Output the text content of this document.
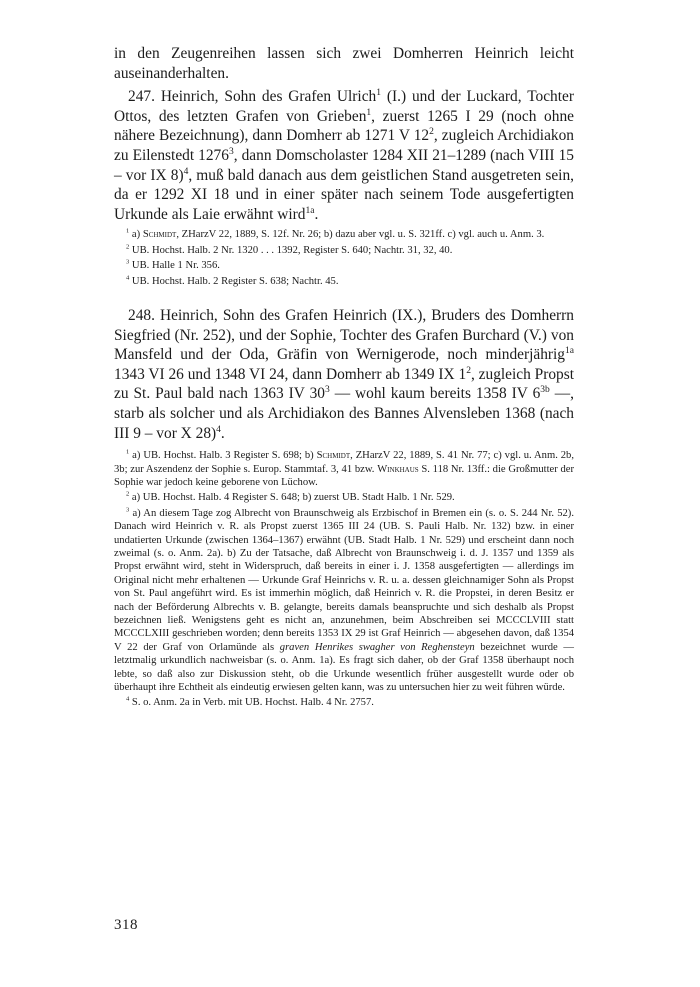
in den Zeugenreihen lassen sich zwei Domherren Heinrich leicht auseinanderhalten.

247. Heinrich, Sohn des Grafen Ulrich$^1$ (I.) und der Luckard, Tochter Ottos, des letzten Grafen von Grieben$^1$, zuerst 1265 I 29 (noch ohne nähere Bezeichnung), dann Domherr ab 1271 V $12^2$, zugleich Archidiakon zu Eilenstedt 1276$^3$, dann Domscholaster 1284 XII 21–1289 (nach VIII 15 – vor IX 8)$^4$, muß bald danach aus dem geistlichen Stand ausgetreten sein, da er 1292 XI 18 und in einer später nach seinem Tode ausgefertigten Urkunde als Laie erwähnt wird$^{1a}$.

$^1$ a) Schmidt, ZHarzV 22, 1889, S. 12f. Nr. 26; b) dazu aber vgl. u. S. 321ff. c) vgl. auch u. Anm. 3.

$^2$ UB. Hochst. Halb. 2 Nr. 1320 . . . 1392, Register S. 640; Nachtr. 31, 32, 40.

$^3$ UB. Halle 1 Nr. 356.

$^4$ UB. Hochst. Halb. 2 Register S. 638; Nachtr. 45.

248. Heinrich, Sohn des Grafen Heinrich (IX.), Bruders des Domherrn Siegfried (Nr. 252), und der Sophie, Tochter des Grafen Burchard (V.) von Mansfeld und der Oda, Gräfin von Wernigerode, noch minderjährig$^{1a}$ 1343 VI 26 und 1348 VI 24, dann Domherr ab 1349 IX $1^2$, zugleich Propst zu St. Paul bald nach 1363 IV $30^3$ — wohl kaum bereits 1358 IV $6^{3b}$ —, starb als solcher und als Archidiakon des Bannes Alvensleben 1368 (nach III 9 – vor X 28)$^4$.

$^1$ a) UB. Hochst. Halb. 3 Register S. 698; b) Schmidt, ZHarzV 22, 1889, S. 41 Nr. 77; c) vgl. u. Anm. 2b, 3b; zur Aszendenz der Sophie s. Europ. Stammtaf. 3, 41 bzw. Winkhaus S. 118 Nr. 13ff.: die Großmutter der Sophie war jedoch keine geborene von Lüchow.

$^2$ a) UB. Hochst. Halb. 4 Register S. 648; b) zuerst UB. Stadt Halb. 1 Nr. 529.

$^3$ a) An diesem Tage zog Albrecht von Braunschweig als Erzbischof in Bremen ein (s. o. S. 244 Nr. 52). Danach wird Heinrich v. R. als Propst zuerst 1365 III 24 (UB. S. Pauli Halb. Nr. 132) bzw. in einer undatierten Urkunde (zwischen 1364–1367) erwähnt (UB. Stadt Halb. 1 Nr. 529) und erscheint dann noch zweimal (s. o. Anm. 2a). b) Zu der Tatsache, daß Albrecht von Braunschweig i. d. J. 1357 und 1359 als Propst erwähnt wird, steht in Widerspruch, daß bereits in einer i. J. 1358 ausgefertigten — allerdings im Original nicht mehr erhaltenen — Urkunde Graf Heinrichs v. R. u. a. dessen gleichnamiger Sohn als Propst von St. Paul angeführt wird. Es ist immerhin möglich, daß Heinrich v. R. die Propstei, in deren Besitz er nach der Beförderung Albrechts v. B. gelangte, bereits damals beanspruchte und sich deshalb als Propst bezeichnen ließ. Wenigstens geht es nicht an, anzunehmen, beim Abschreiben sei MCCCLVIII statt MCCCLXIII geschrieben worden; denn bereits 1353 IX 29 ist Graf Heinrich — abgesehen davon, daß 1354 V 22 der Graf von Orlamünde als graven Henrikes swagher von Reghensteyn bezeichnet wurde — letztmalig urkundlich nachweisbar (s. o. Anm. 1a). Es fragt sich daher, ob der Graf 1358 überhaupt noch lebte, so daß also zur Diskussion steht, ob die Urkunde wesentlich früher ausgestellt wurde oder ob überhaupt ihre Echtheit als eindeutig erwiesen gelten kann, was zu untersuchen hier zu weit führen würde.

$^4$ S. o. Anm. 2a in Verb. mit UB. Hochst. Halb. 4 Nr. 2757.

318
